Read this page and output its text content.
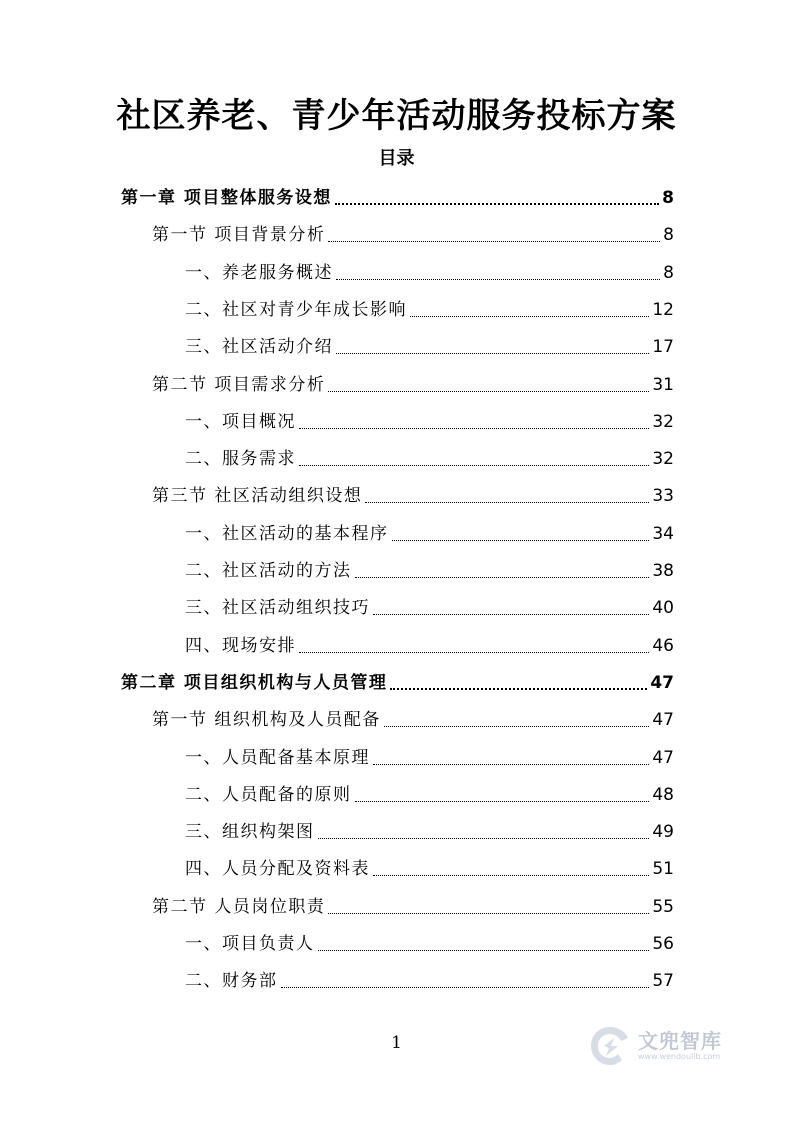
社区养老、青少年活动服务投标方案
目录
第一章 项目整体服务设想	8
第一节 项目背景分析	8
一、养老服务概述	8
二、社区对青少年成长影响	12
三、社区活动介绍	17
第二节 项目需求分析	31
一、项目概况	32
二、服务需求	32
第三节 社区活动组织设想	33
一、社区活动的基本程序	34
二、社区活动的方法	38
三、社区活动组织技巧	40
四、现场安排	46
第二章 项目组织机构与人员管理	47
第一节 组织机构及人员配备	47
一、人员配备基本原理	47
二、人员配备的原则	48
三、组织构架图	49
四、人员分配及资料表	51
第二节 人员岗位职责	55
一、项目负责人	56
二、财务部	57
1	文兜智库
www.wendoulib.com
